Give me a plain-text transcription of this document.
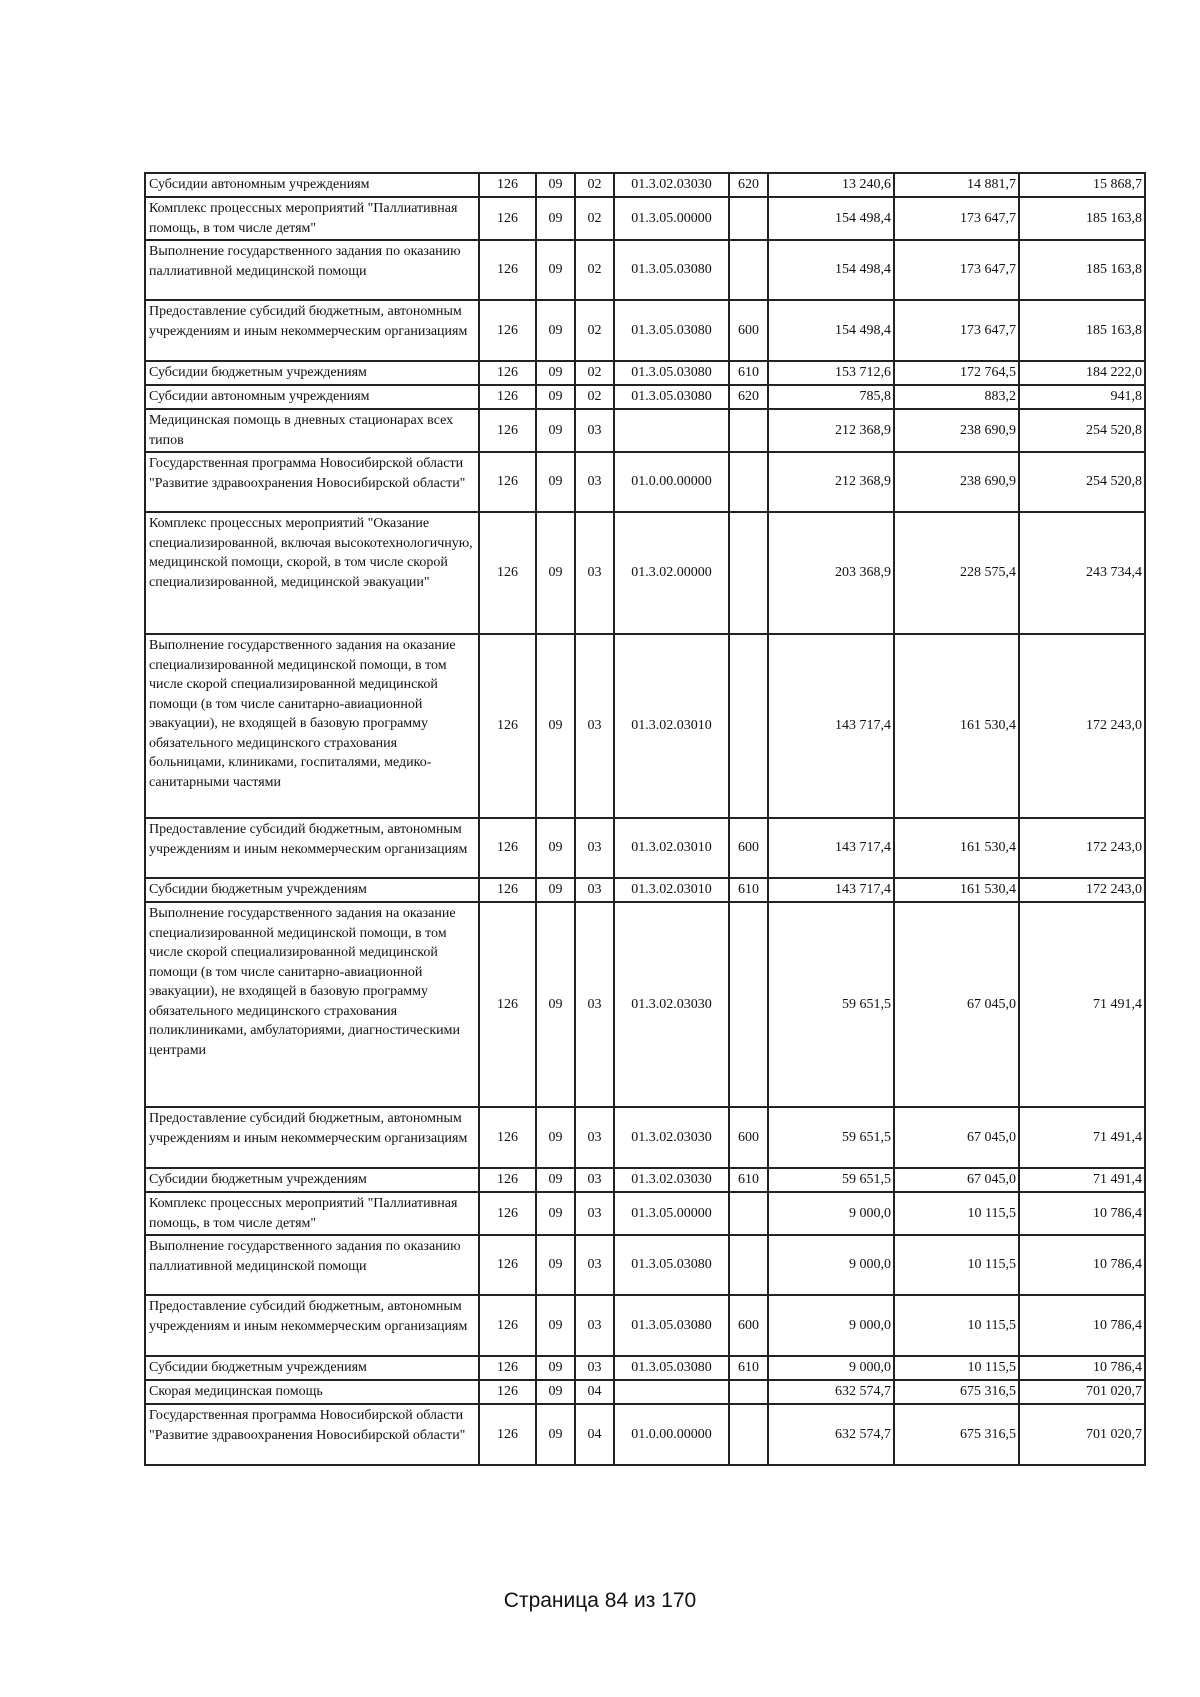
Субсидии автономным учреждениям	126	09	02	01.3.02.03030	620	13 240,6	14 881,7	15 868,7
Комплекс процессных мероприятий "Паллиативная помощь, в том числе детям"	126	09	02	01.3.05.00000		154 498,4	173 647,7	185 163,8
Выполнение государственного задания по оказанию паллиативной медицинской помощи	126	09	02	01.3.05.03080		154 498,4	173 647,7	185 163,8
Предоставление субсидий бюджетным, автономным учреждениям и иным некоммерческим организациям	126	09	02	01.3.05.03080	600	154 498,4	173 647,7	185 163,8
Субсидии бюджетным учреждениям	126	09	02	01.3.05.03080	610	153 712,6	172 764,5	184 222,0
Субсидии автономным учреждениям	126	09	02	01.3.05.03080	620	785,8	883,2	941,8
Медицинская помощь в дневных стационарах всех типов	126	09	03			212 368,9	238 690,9	254 520,8
Государственная программа Новосибирской области "Развитие здравоохранения Новосибирской области"	126	09	03	01.0.00.00000		212 368,9	238 690,9	254 520,8
Комплекс процессных мероприятий "Оказание специализированной, включая высокотехнологичную, медицинской помощи, скорой, в том числе скорой специализированной, медицинской эвакуации"	126	09	03	01.3.02.00000		203 368,9	228 575,4	243 734,4
Выполнение государственного задания на оказание специализированной медицинской помощи, в том числе скорой специализированной медицинской помощи (в том числе санитарно-авиационной эвакуации), не входящей в базовую программу обязательного медицинского страхования больницами, клиниками, госпиталями, медико-санитарными частями	126	09	03	01.3.02.03010		143 717,4	161 530,4	172 243,0
Предоставление субсидий бюджетным, автономным учреждениям и иным некоммерческим организациям	126	09	03	01.3.02.03010	600	143 717,4	161 530,4	172 243,0
Субсидии бюджетным учреждениям	126	09	03	01.3.02.03010	610	143 717,4	161 530,4	172 243,0
Выполнение государственного задания на оказание специализированной медицинской помощи, в том числе скорой специализированной медицинской помощи (в том числе санитарно-авиационной эвакуации), не входящей в базовую программу обязательного медицинского страхования поликлиниками, амбулаториями, диагностическими центрами	126	09	03	01.3.02.03030		59 651,5	67 045,0	71 491,4
Предоставление субсидий бюджетным, автономным учреждениям и иным некоммерческим организациям	126	09	03	01.3.02.03030	600	59 651,5	67 045,0	71 491,4
Субсидии бюджетным учреждениям	126	09	03	01.3.02.03030	610	59 651,5	67 045,0	71 491,4
Комплекс процессных мероприятий "Паллиативная помощь, в том числе детям"	126	09	03	01.3.05.00000		9 000,0	10 115,5	10 786,4
Выполнение государственного задания по оказанию паллиативной медицинской помощи	126	09	03	01.3.05.03080		9 000,0	10 115,5	10 786,4
Предоставление субсидий бюджетным, автономным учреждениям и иным некоммерческим организациям	126	09	03	01.3.05.03080	600	9 000,0	10 115,5	10 786,4
Субсидии бюджетным учреждениям	126	09	03	01.3.05.03080	610	9 000,0	10 115,5	10 786,4
Скорая медицинская помощь	126	09	04			632 574,7	675 316,5	701 020,7
Государственная программа Новосибирской области "Развитие здравоохранения Новосибирской области"	126	09	04	01.0.00.00000		632 574,7	675 316,5	701 020,7
Страница 84 из 170
